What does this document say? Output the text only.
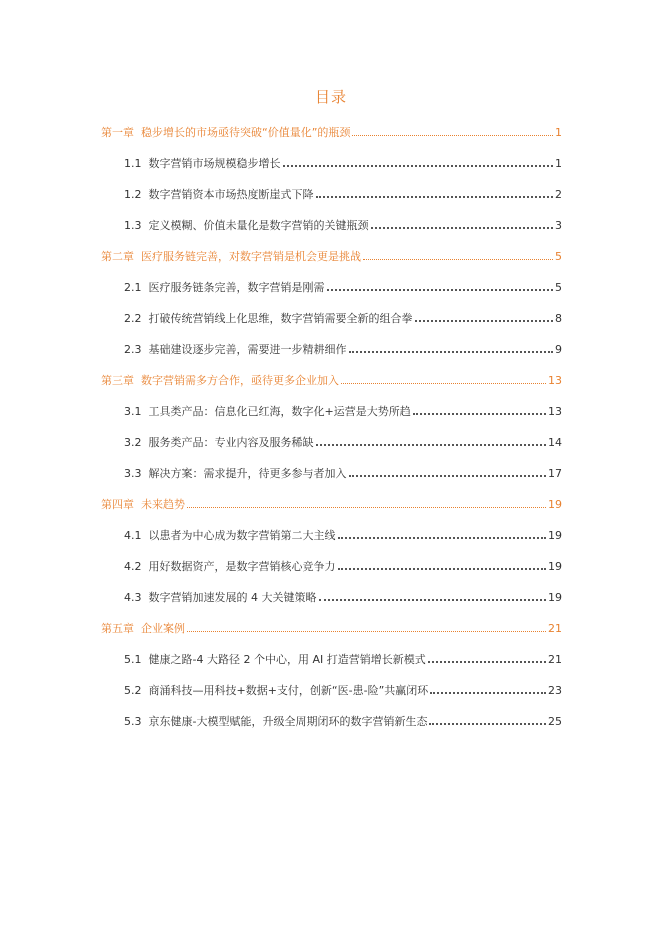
目录
第一章 稳步增长的市场亟待突破“价值量化”的瓶颈	1
1.1 数字营销市场规模稳步增长	1
1.2 数字营销资本市场热度断崖式下降	2
1.3 定义模糊、价值未量化是数字营销的关键瓶颈	3
第二章 医疗服务链完善，对数字营销是机会更是挑战	5
2.1 医疗服务链条完善，数字营销是刚需	5
2.2 打破传统营销线上化思维，数字营销需要全新的组合拳	8
2.3 基础建设逐步完善，需要进一步精耕细作	9
第三章 数字营销需多方合作，亟待更多企业加入	13
3.1 工具类产品：信息化已红海，数字化+运营是大势所趋	13
3.2 服务类产品：专业内容及服务稀缺	14
3.3 解决方案：需求提升，待更多参与者加入	17
第四章 未来趋势	19
4.1 以患者为中心成为数字营销第二大主线	19
4.2 用好数据资产，是数字营销核心竞争力	19
4.3 数字营销加速发展的 4 大关键策略	19
第五章 企业案例	21
5.1 健康之路-4 大路径 2 个中心，用 AI 打造营销增长新模式	21
5.2 商涌科技—用科技+数据+支付，创新“医-患-险”共赢闭环	23
5.3 京东健康-大模型赋能，升级全周期闭环的数字营销新生态	25
